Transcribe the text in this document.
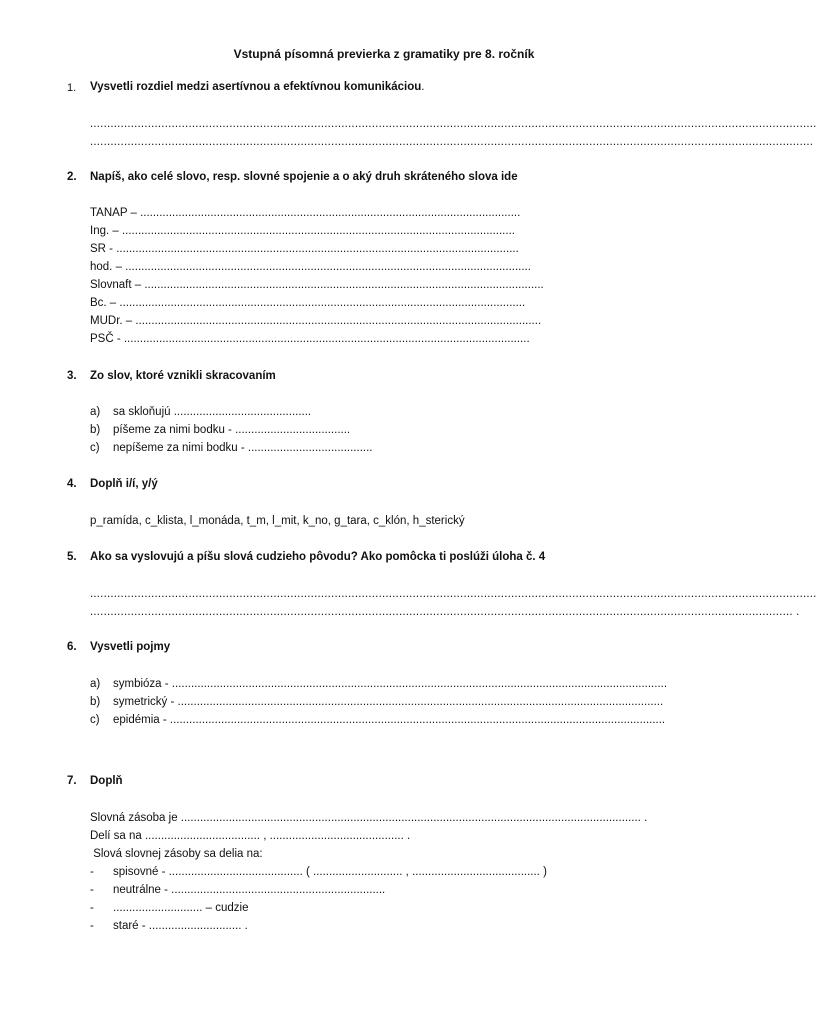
Vstupná písomná previerka z gramatiky pre 8. ročník
1. Vysvetli rozdiel medzi asertívnou a efektívnou komunikáciou.
......................................................................................................................................................................................................................
.....................................................................................................................................................................................................................
2. Napíš, ako celé slovo, resp. slovné spojenie a o aký druh skráteného slova ide
TANAP – .......................................................................................................................
Ing. – ...........................................................................................................................
SR - ..............................................................................................................................
hod. – ...............................................................................................................................
Slovnaft – .............................................................................................................................
Bc. – ...............................................................................................................................
MUDr. – ...............................................................................................................................
PSČ - ...............................................................................................................................
3. Zo slov, ktoré vznikli skracovaním
a) sa skloňujú ...........................................
b) píšeme za nimi bodku - ....................................
c) nepíšeme za nimi bodku - .......................................
4. Doplň i/í, y/ý
p_ramída, c_klista, l_monáda, t_m, l_mit, k_no, g_tara, c_klón, h_sterický
5. Ako sa vyslovujú a píšu slová cudzieho pôvodu? Ako pomôcka ti poslúži úloha č. 4
......................................................................................................................................................................................................................
............................................................................................................................................................................................................... .
6. Vysvetli pojmy
a) symbióza - ...........................................................................................................................................................
b) symetrický - ........................................................................................................................................................
c) epidémia - ...........................................................................................................................................................
7. Doplň
Slovná zásoba je ................................................................................................................................................ .
Delí sa na .................................... , .......................................... .
Slová slovnej zásoby sa delia na:
- spisovné - .......................................... ( ............................ , ........................................ )
- neutrálne - ...................................................................
- ............................ – cudzie
- staré - ............................. .
